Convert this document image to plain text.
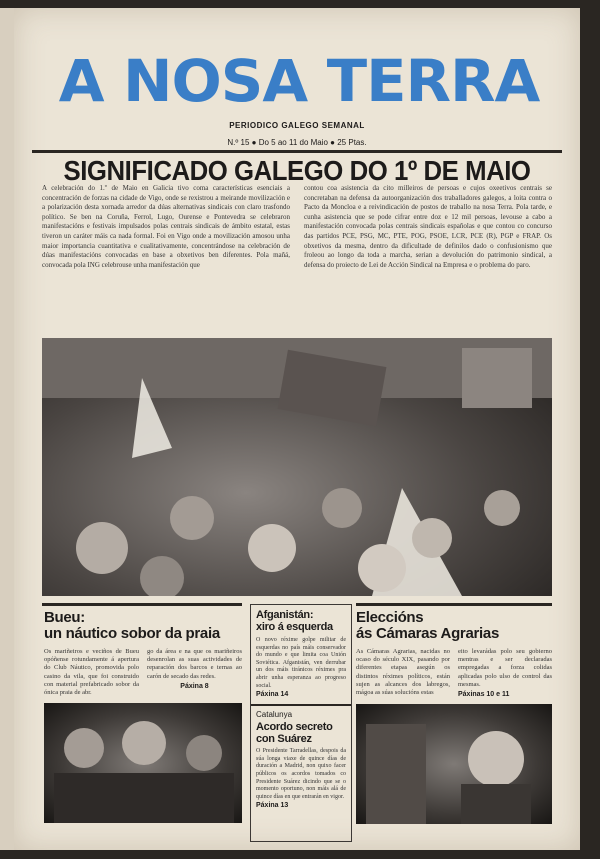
A NOSA TERRA
PERIODICO GALEGO SEMANAL
N.º 15 ● Do 5 ao 11 do Maio ● 25 Ptas.
SIGNIFICADO GALEGO DO 1º DE MAIO
A celebración do 1.º de Maio en Galicia tivo coma características esenciais a concentración de forzas na cidade de Vigo, onde se rexistrou a meirande movilización e a polarización desta xornada arredor da dúas alternativas sindicais con claro trasfondo político. Se ben na Coruña, Ferrol, Lugo, Ourense e Pontevedra se celebraron manifestacións e festivais impulsados polas centrais sindicais de ámbito estatal, estas tiveron un caráter máis ca nada formal. Foi en Vigo onde a movilización amosou unha maior importancia cuantitativa e cualitativamente, concentrándose na celebración de dúas manifestacións convocadas en base a obxetivos ben diferentes. Pola mañá, convocada pola ING celebrouse unha manifestación que
contou coa asistencia da cito milleiros de persoas e cujos oxeetivos centrais se concretaban na defensa da autoorganización dos traballadores galegos, a loita contra o Pacto da Moncloa e a reivindicación de postos de traballo na nosa Terra. Pola tarde, e cunha asistencia que se pode cifrar entre doz e 12 mil persoas, levouse a cabo a manifestación convocada polas centrais sindicais españolas e que contou co concurso das partidos PCE, PSG, MC, PTE, POG, PSOE, LCR, PCE (R), PGP e FRAP. Os obxetivos da mesma, dentro da dificultade de definilos dado o confusionismo que froleou ao longo da toda a marcha, serian a devolución do patrimonio sindical, a defensa do proiecto de Lei de Acción Sindical na Empresa e o problema do paro.
Bueu:
un náutico sobor da praia
Os mariñeiros e veciños de Bueu opóñense rotundamente á apertura do Club Náutico, promovida polo casino da vila, que foi construido con material prefabricado sobor da ónica praia de abr.
go da área e na que os mariñeiros desenrolan as suas actividades de reparación dos barcos e ternas ao carón de secado das redes.
Páxina 8
Afganistán:
xiro á esquerda
O novo réxime golpe militar de esquerdas no país máis conservador do mundo e que limita coa Unión Soviética. Afganistán, ven derrubar un dos máis tiránicos réximes pra abrir unha esperanza ao progreso social.
Páxina 14
Catalunya
Acordo secreto con Suárez
O Presidente Tarradellas, despois da súa longa viaxe de quince días de duración a Madrid, non quixo facer públicos os acordos tomados co Presidente Suárez dicindo que se o momento oportuno, non máis alá de quince días en que entrarán en vigor.
Páxina 13
Eleccións
ás Cámaras Agrarias
As Cámaras Agrarias, nacidas no ocaso do século XIX, pasando por diferentes etapas asegún os distintos réximes políticos, están sujen as alcances dos labregos, mágoa as súas solucións estas
eito levarádas polo seu gobierno mentras e ser declaradas empregadas a forza colidas aplicadas polo ulso de control das mesmas.
Páxinas 10 e 11
